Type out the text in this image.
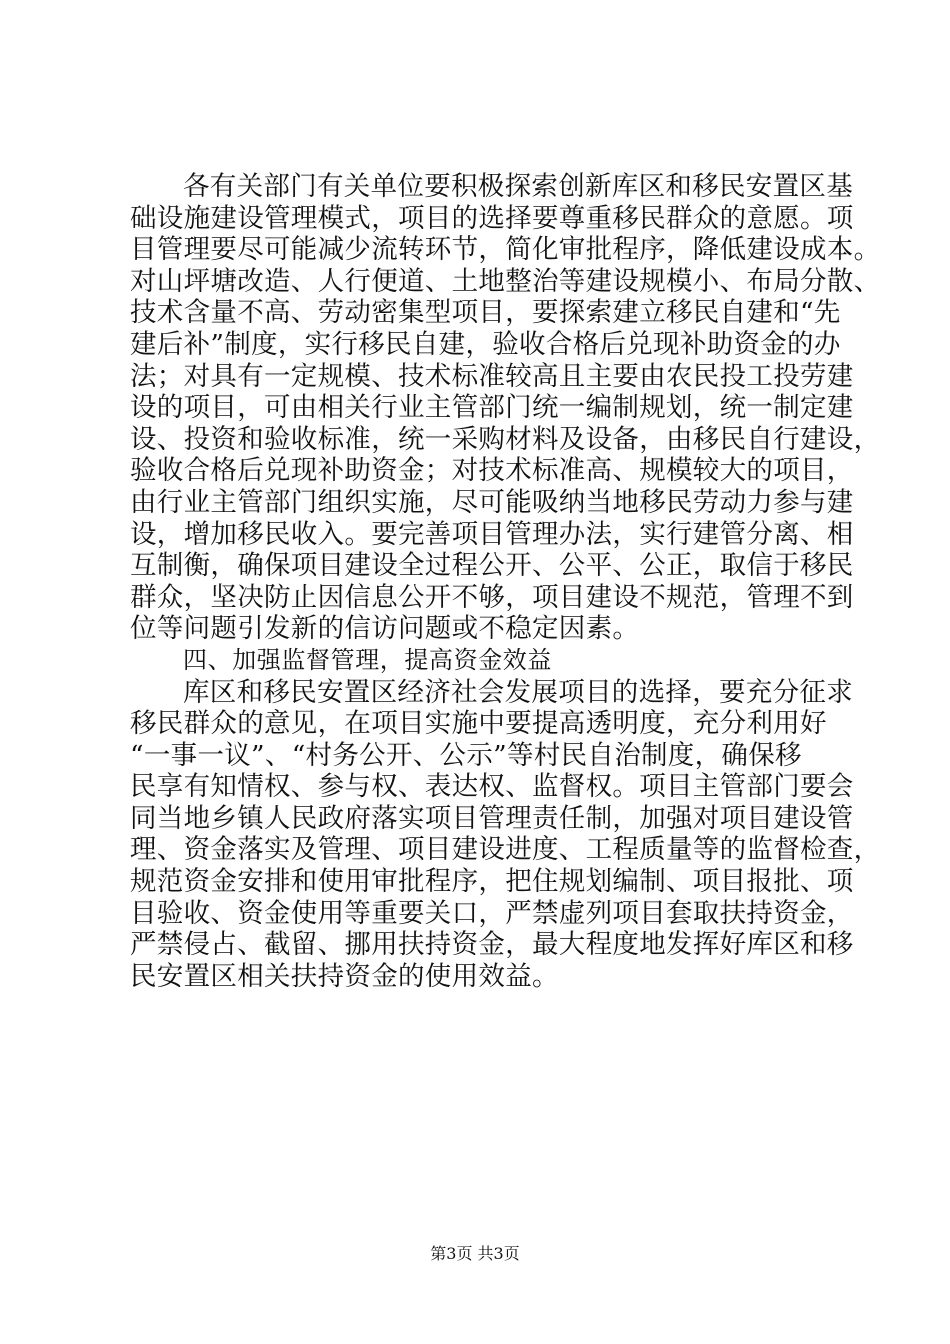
各有关部门有关单位要积极探索创新库区和移民安置区基
础设施建设管理模式，项目的选择要尊重移民群众的意愿。项
目管理要尽可能减少流转环节，简化审批程序，降低建设成本。
对山坪塘改造、人行便道、土地整治等建设规模小、布局分散、
技术含量不高、劳动密集型项目，要探索建立移民自建和“先
建后补”制度，实行移民自建，验收合格后兑现补助资金的办
法；对具有一定规模、技术标准较高且主要由农民投工投劳建
设的项目，可由相关行业主管部门统一编制规划，统一制定建
设、投资和验收标准，统一采购材料及设备，由移民自行建设，
验收合格后兑现补助资金；对技术标准高、规模较大的项目，
由行业主管部门组织实施，尽可能吸纳当地移民劳动力参与建
设，增加移民收入。要完善项目管理办法，实行建管分离、相
互制衡，确保项目建设全过程公开、公平、公正，取信于移民
群众，坚决防止因信息公开不够，项目建设不规范，管理不到
位等问题引发新的信访问题或不稳定因素。
四、加强监督管理，提高资金效益
库区和移民安置区经济社会发展项目的选择，要充分征求
移民群众的意见，在项目实施中要提高透明度，充分利用好
“一事一议”、“村务公开、公示”等村民自治制度，确保移
民享有知情权、参与权、表达权、监督权。项目主管部门要会
同当地乡镇人民政府落实项目管理责任制，加强对项目建设管
理、资金落实及管理、项目建设进度、工程质量等的监督检查，
规范资金安排和使用审批程序，把住规划编制、项目报批、项
目验收、资金使用等重要关口，严禁虚列项目套取扶持资金，
严禁侵占、截留、挪用扶持资金，最大程度地发挥好库区和移
民安置区相关扶持资金的使用效益。
第3页 共3页
